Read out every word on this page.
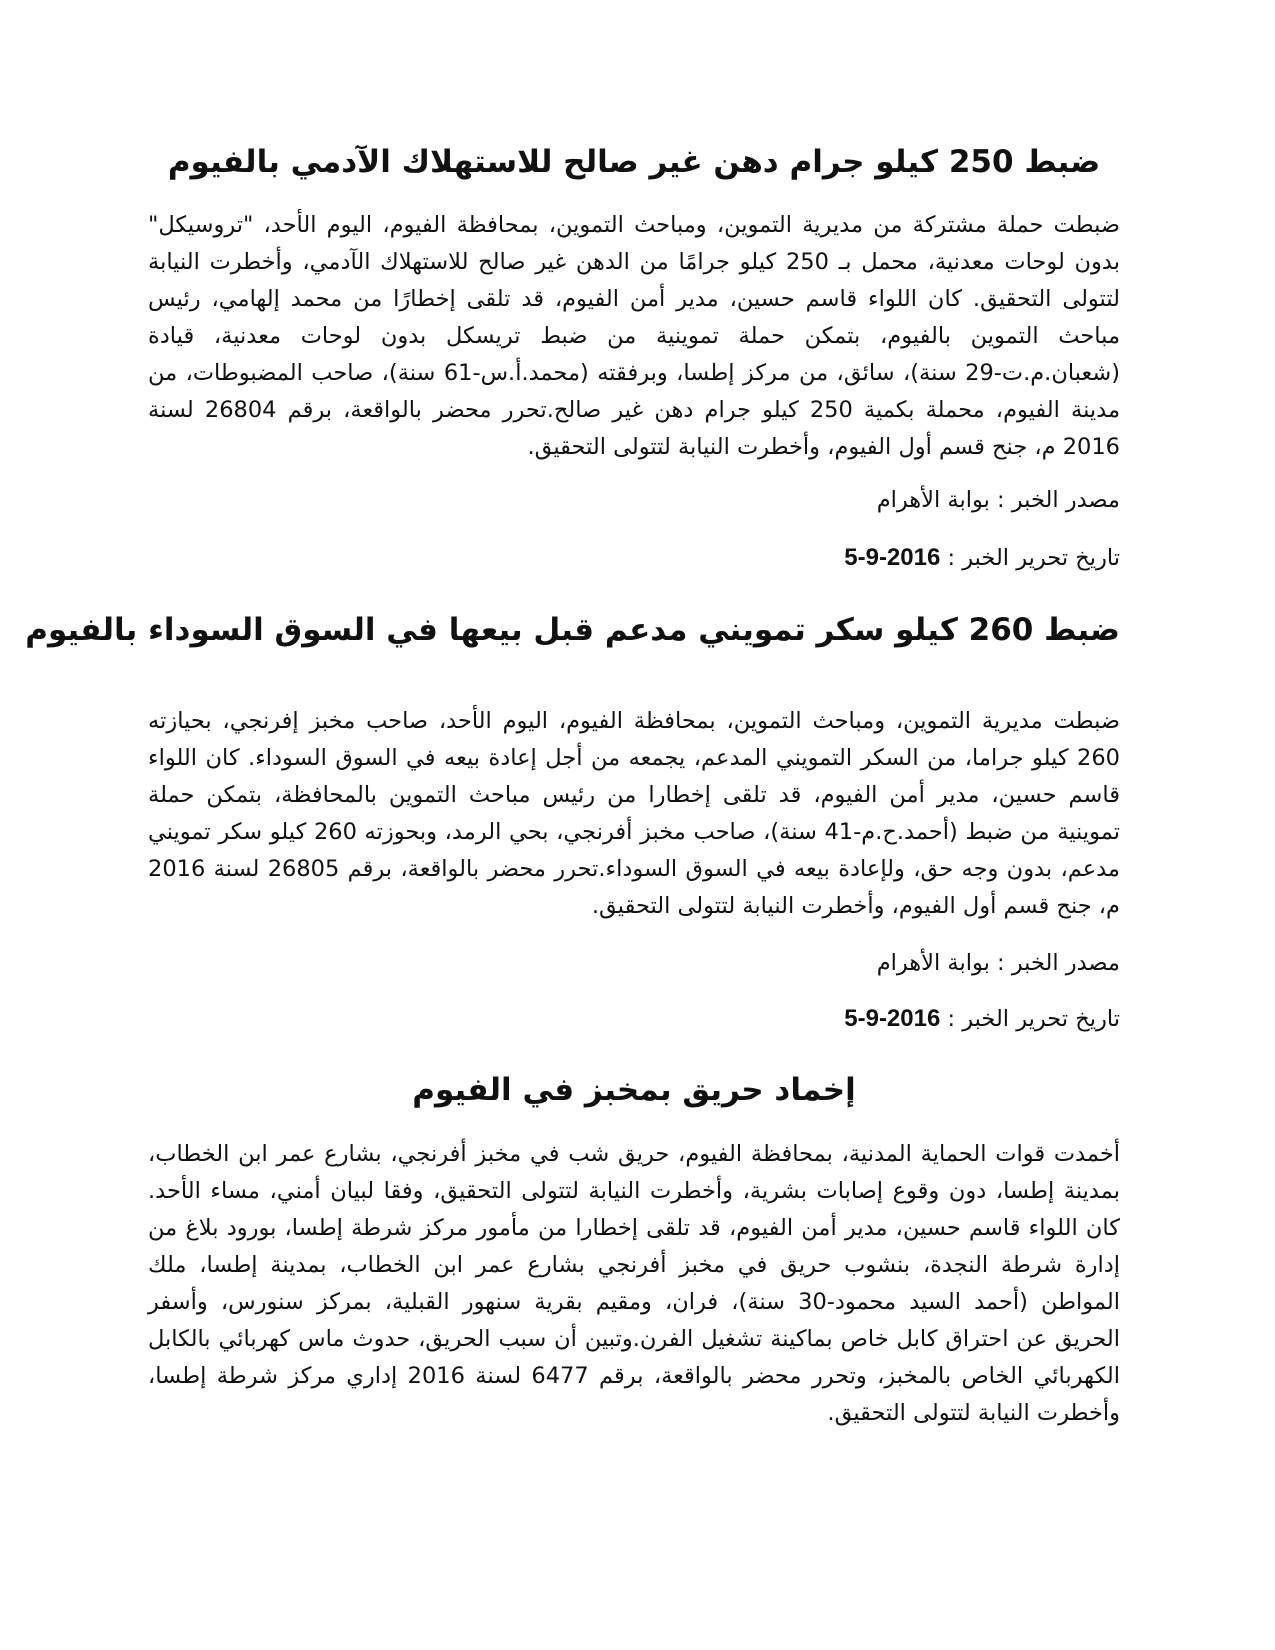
ضبط 250 كيلو جرام دهن غير صالح للاستهلاك الآدمي بالفيوم

ضبطت حملة مشتركة من مديرية التموين، ومباحث التموين، بمحافظة الفيوم، اليوم الأحد، "تروسيكل" بدون لوحات معدنية، محمل بـ 250 كيلو جرامًا من الدهن غير صالح للاستهلاك الآدمي، وأخطرت النيابة لتتولى التحقيق. كان اللواء قاسم حسين، مدير أمن الفيوم، قد تلقى إخطارًا من محمد إلهامي، رئيس مباحث التموين بالفيوم، بتمكن حملة تموينية من ضبط تريسكل بدون لوحات معدنية، قيادة (شعبان.م.ت-29 سنة)، سائق، من مركز إطسا، وبرفقته (محمد.أ.س-61 سنة)، صاحب المضبوطات، من مدينة الفيوم، محملة بكمية 250 كيلو جرام دهن غير صالح.تحرر محضر بالواقعة، برقم 26804 لسنة 2016 م، جنح قسم أول الفيوم، وأخطرت النيابة لتتولى التحقيق.

مصدر الخبر : بوابة الأهرام

تاريخ تحرير الخبر : 5-9-2016

ضبط 260 كيلو سكر تمويني مدعم قبل بيعها في السوق السوداء بالفيوم

ضبطت مديرية التموين، ومباحث التموين، بمحافظة الفيوم، اليوم الأحد، صاحب مخبز إفرنجي، بحيازته 260 كيلو جراما، من السكر التمويني المدعم، يجمعه من أجل إعادة بيعه في السوق السوداء. كان اللواء قاسم حسين، مدير أمن الفيوم، قد تلقى إخطارا من رئيس مباحث التموين بالمحافظة، بتمكن حملة تموينية من ضبط (أحمد.ح.م-41 سنة)، صاحب مخبز أفرنجي، بحي الرمد، وبحوزته 260 كيلو سكر تمويني مدعم، بدون وجه حق، ولإعادة بيعه في السوق السوداء.تحرر محضر بالواقعة، برقم 26805 لسنة 2016 م، جنح قسم أول الفيوم، وأخطرت النيابة لتتولى التحقيق.

مصدر الخبر : بوابة الأهرام

تاريخ تحرير الخبر : 5-9-2016

إخماد حريق بمخبز في الفيوم

أخمدت قوات الحماية المدنية، بمحافظة الفيوم، حريق شب في مخبز أفرنجي، بشارع عمر ابن الخطاب، بمدينة إطسا، دون وقوع إصابات بشرية، وأخطرت النيابة لتتولى التحقيق، وفقا لبيان أمني، مساء الأحد. كان اللواء قاسم حسين، مدير أمن الفيوم، قد تلقى إخطارا من مأمور مركز شرطة إطسا، بورود بلاغ من إدارة شرطة النجدة، بنشوب حريق في مخبز أفرنجي بشارع عمر ابن الخطاب، بمدينة إطسا، ملك المواطن (أحمد السيد محمود-30 سنة)، فران، ومقيم بقرية سنهور القبلية، بمركز سنورس، وأسفر الحريق عن احتراق كابل خاص بماكينة تشغيل الفرن.وتبين أن سبب الحريق، حدوث ماس كهربائي بالكابل الكهربائي الخاص بالمخبز، وتحرر محضر بالواقعة، برقم 6477 لسنة 2016 إداري مركز شرطة إطسا، وأخطرت النيابة لتتولى التحقيق.
